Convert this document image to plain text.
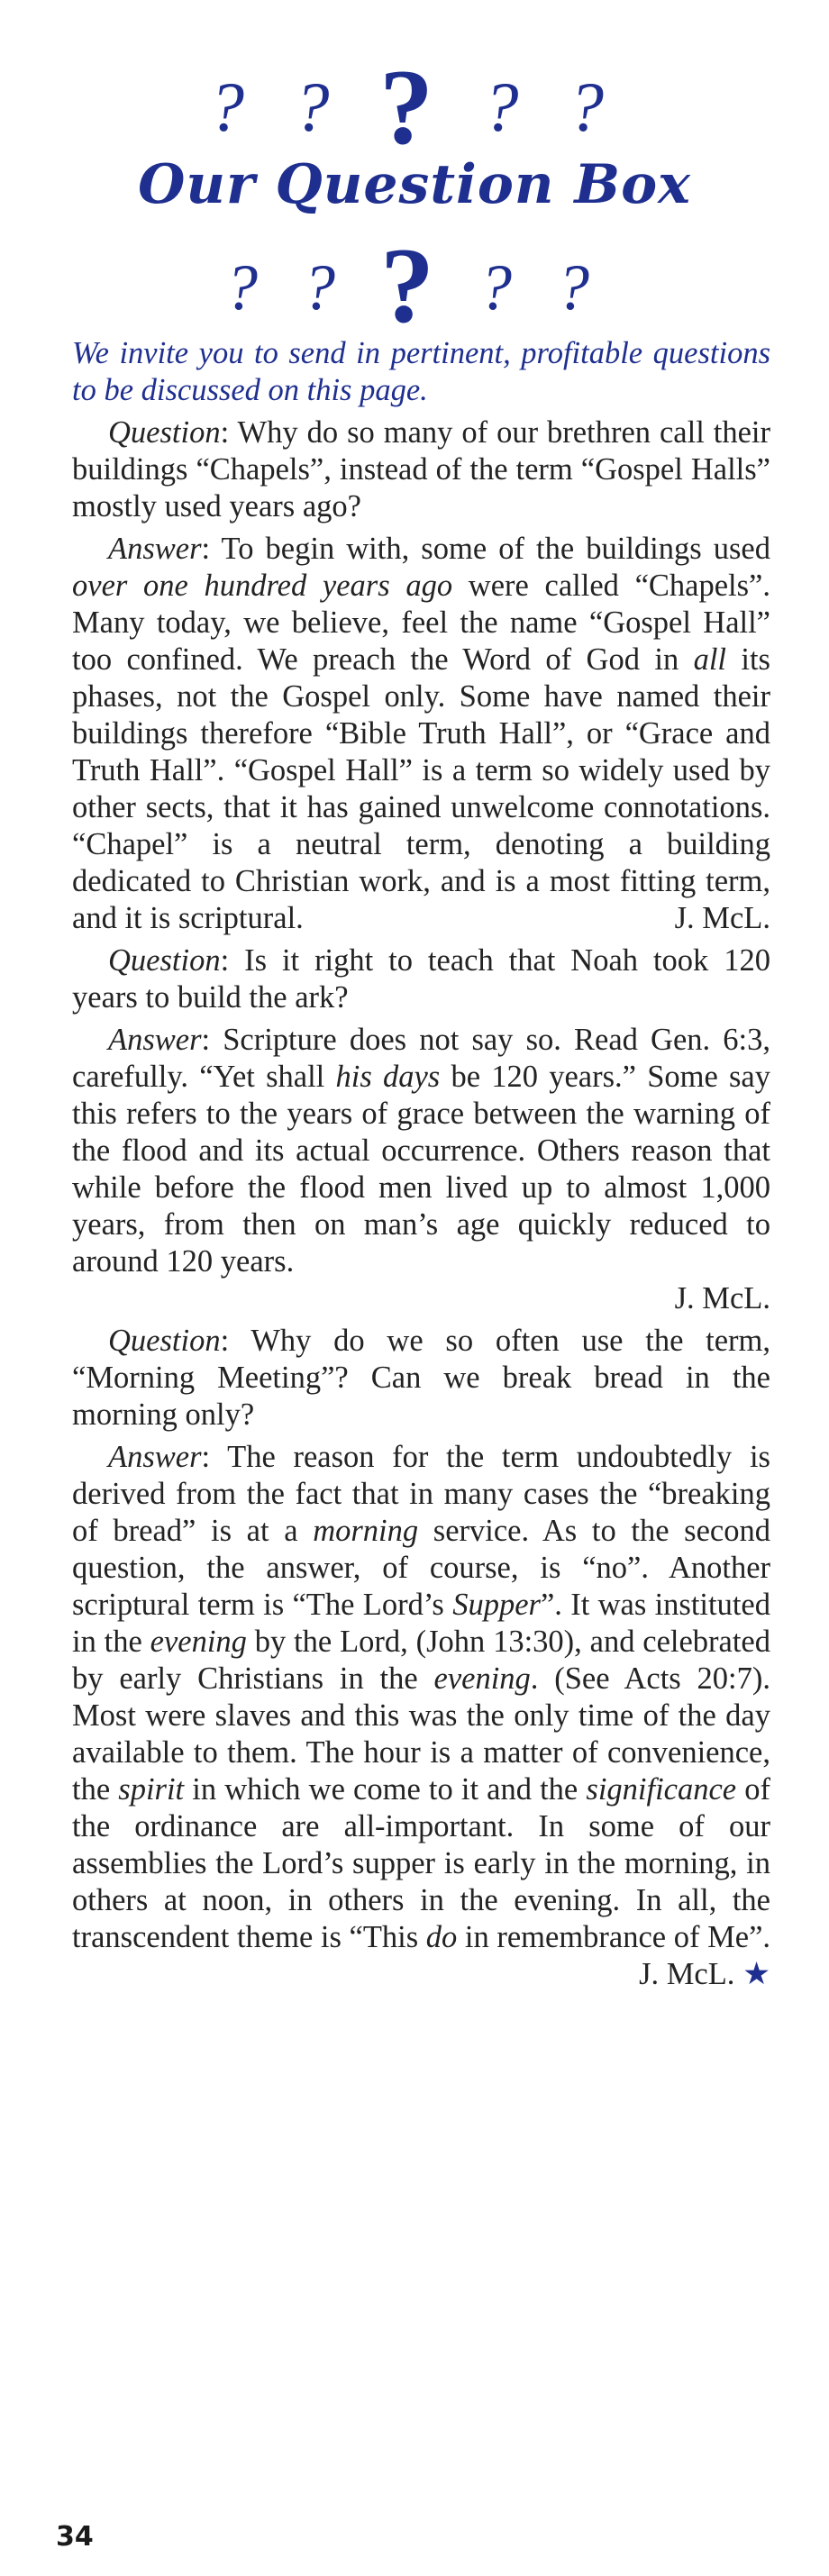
? ? ? ? ?
Our Question Box
? ? ? ? ?

We invite you to send in pertinent, profitable questions to be discussed on this page.

Question: Why do so many of our brethren call their buildings “Chapels”, instead of the term “Gospel Halls” mostly used years ago?

Answer: To begin with, some of the buildings used over one hundred years ago were called “Chapels”. Many today, we believe, feel the name “Gospel Hall” too confined. We preach the Word of God in all its phases, not the Gospel only. Some have named their buildings therefore “Bible Truth Hall”, or “Grace and Truth Hall”. “Gospel Hall” is a term so widely used by other sects, that it has gained unwelcome connotations. “Chapel” is a neutral term, denoting a building dedicated to Christian work, and is a most fitting term, and it is scriptural.	J. McL.

Question: Is it right to teach that Noah took 120 years to build the ark?

Answer: Scripture does not say so. Read Gen. 6:3, carefully. “Yet shall his days be 120 years.” Some say this refers to the years of grace between the warning of the flood and its actual occurrence. Others reason that while before the flood men lived up to almost 1,000 years, from then on man’s age quickly reduced to around 120 years.

J. McL.

Question: Why do we so often use the term, “Morning Meeting”? Can we break bread in the morning only?

Answer: The reason for the term undoubtedly is derived from the fact that in many cases the “breaking of bread” is at a morning service. As to the second question, the answer, of course, is “no”. Another scriptural term is “The Lord’s Supper”. It was instituted in the evening by the Lord, (John 13:30), and celebrated by early Christians in the evening. (See Acts 20:7). Most were slaves and this was the only time of the day available to them. The hour is a matter of convenience, the spirit in which we come to it and the significance of the ordinance are all-important. In some of our assemblies the Lord’s supper is early in the morning, in others at noon, in others in the evening. In all, the transcendent theme is “This do in remembrance of Me”.

J. McL. ★

34
